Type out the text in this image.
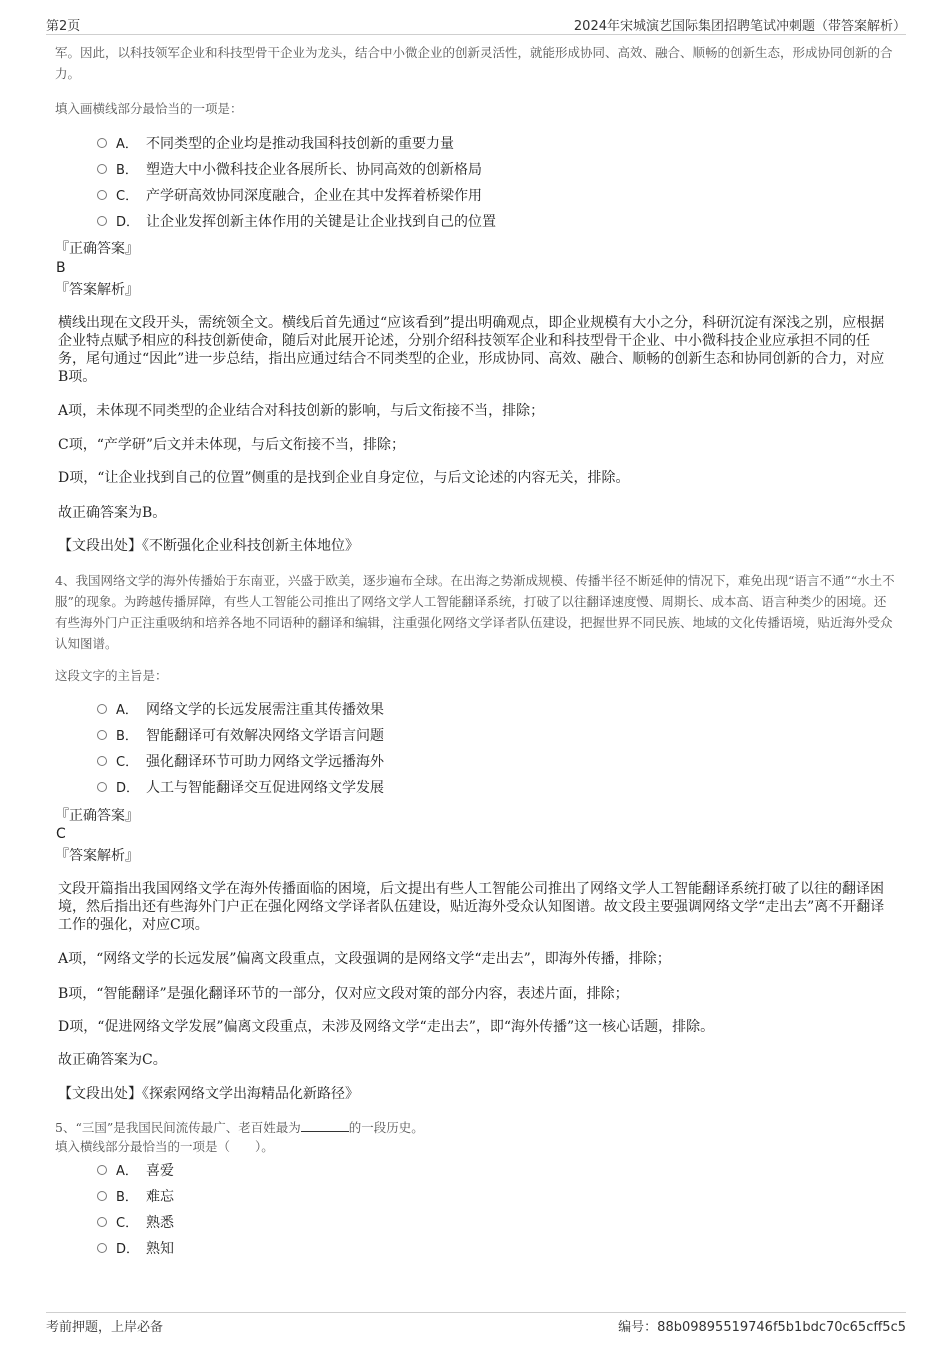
第2页	2024年宋城演艺国际集团招聘笔试冲刺题（带答案解析）
军。因此，以科技领军企业和科技型骨干企业为龙头，结合中小微企业的创新灵活性，就能形成协同、高效、融合、顺畅的创新生态，形成协同创新的合力。
填入画横线部分最恰当的一项是：
A． 不同类型的企业均是推动我国科技创新的重要力量
B． 塑造大中小微科技企业各展所长、协同高效的创新格局
C． 产学研高效协同深度融合，企业在其中发挥着桥梁作用
D． 让企业发挥创新主体作用的关键是让企业找到自己的位置
『正确答案』
B
『答案解析』
横线出现在文段开头，需统领全文。横线后首先通过“应该看到”提出明确观点，即企业规模有大小之分，科研沉淀有深浅之别，应根据企业特点赋予相应的科技创新使命，随后对此展开论述，分别介绍科技领军企业和科技型骨干企业、中小微科技企业应承担不同的任务，尾句通过“因此”进一步总结，指出应通过结合不同类型的企业，形成协同、高效、融合、顺畅的创新生态和协同创新的合力，对应B项。
A项，未体现不同类型的企业结合对科技创新的影响，与后文衔接不当，排除；
C项，“产学研”后文并未体现，与后文衔接不当，排除；
D项，“让企业找到自己的位置”侧重的是找到企业自身定位，与后文论述的内容无关，排除。
故正确答案为B。
【文段出处】《不断强化企业科技创新主体地位》
4、我国网络文学的海外传播始于东南亚，兴盛于欧美，逐步遍布全球。在出海之势渐成规模、传播半径不断延伸的情况下，难免出现“语言不通”“水土不服”的现象。为跨越传播屏障，有些人工智能公司推出了网络文学人工智能翻译系统，打破了以往翻译速度慢、周期长、成本高、语言种类少的困境。还有些海外门户正注重吸纳和培养各地不同语种的翻译和编辑，注重强化网络文学译者队伍建设，把握世界不同民族、地域的文化传播语境，贴近海外受众认知图谱。
这段文字的主旨是：
A． 网络文学的长远发展需注重其传播效果
B． 智能翻译可有效解决网络文学语言问题
C． 强化翻译环节可助力网络文学远播海外
D． 人工与智能翻译交互促进网络文学发展
『正确答案』
C
『答案解析』
文段开篇指出我国网络文学在海外传播面临的困境，后文提出有些人工智能公司推出了网络文学人工智能翻译系统打破了以往的翻译困境，然后指出还有些海外门户正在强化网络文学译者队伍建设，贴近海外受众认知图谱。故文段主要强调网络文学“走出去”离不开翻译工作的强化，对应C项。
A项，“网络文学的长远发展”偏离文段重点，文段强调的是网络文学“走出去”，即海外传播，排除；
B项，“智能翻译”是强化翻译环节的一部分，仅对应文段对策的部分内容，表述片面，排除；
D项，“促进网络文学发展”偏离文段重点，未涉及网络文学“走出去”，即“海外传播”这一核心话题，排除。
故正确答案为C。
【文段出处】《探索网络文学出海精品化新路径》
5、“三国”是我国民间流传最广、老百姓最为	的一段历史。
填入横线部分最恰当的一项是（　　）。
A． 喜爱
B． 难忘
C． 熟悉
D． 熟知
考前押题，上岸必备	编号：88b09895519746f5b1bdc70c65cff5c5
